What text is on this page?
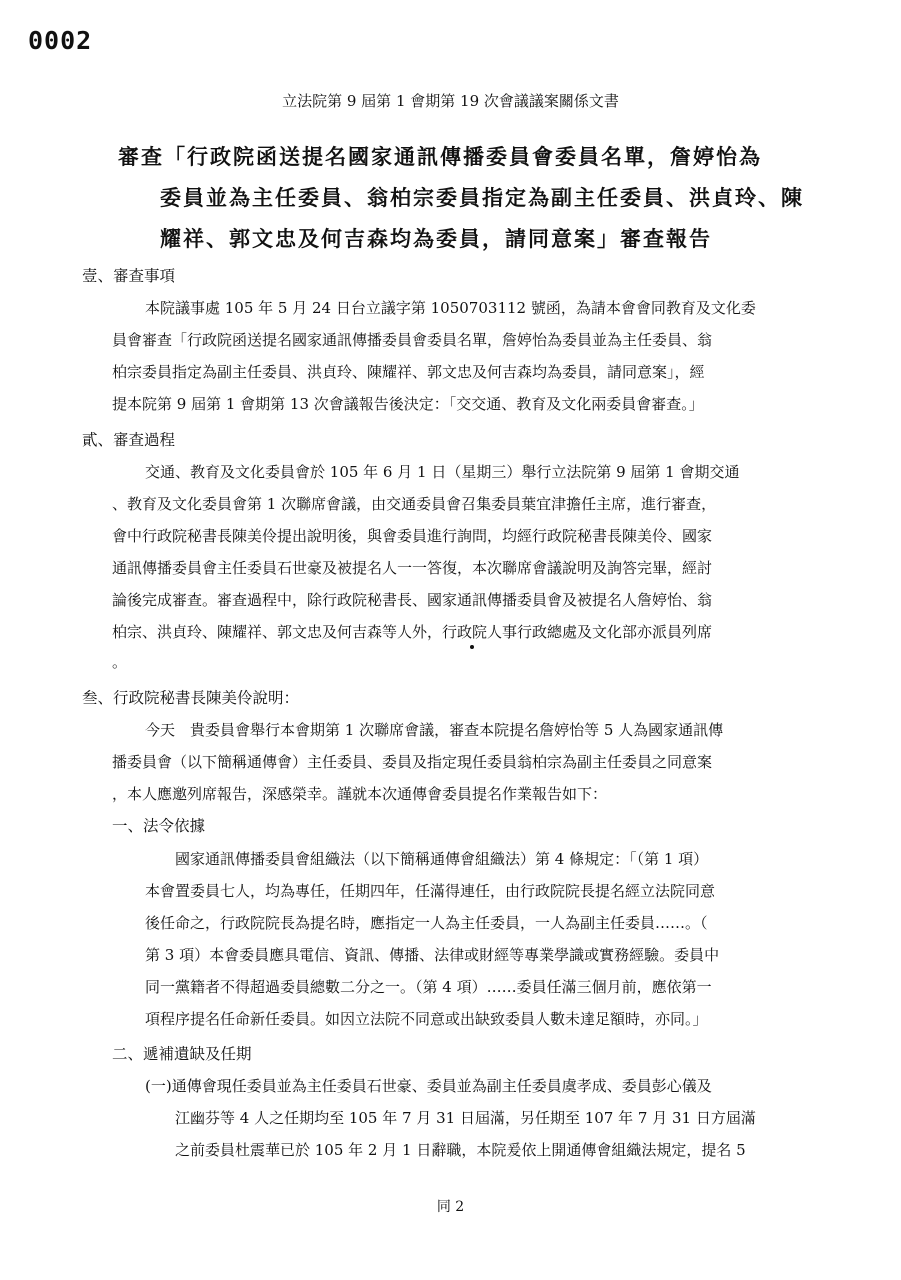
0002
立法院第 9 屆第 1 會期第 19 次會議議案關係文書
審查「行政院函送提名國家通訊傳播委員會委員名單，詹婷怡為
委員並為主任委員、翁柏宗委員指定為副主任委員、洪貞玲、陳
耀祥、郭文忠及何吉森均為委員，請同意案」審查報告
壹、審查事項
本院議事處 105 年 5 月 24 日台立議字第 1050703112 號函，為請本會會同教育及文化委
員會審查「行政院函送提名國家通訊傳播委員會委員名單，詹婷怡為委員並為主任委員、翁
柏宗委員指定為副主任委員、洪貞玲、陳耀祥、郭文忠及何吉森均為委員，請同意案」，經
提本院第 9 屆第 1 會期第 13 次會議報告後決定：「交交通、教育及文化兩委員會審查。」
貳、審查過程
交通、教育及文化委員會於 105 年 6 月 1 日（星期三）舉行立法院第 9 屆第 1 會期交通
、教育及文化委員會第 1 次聯席會議，由交通委員會召集委員葉宜津擔任主席，進行審查，
會中行政院秘書長陳美伶提出說明後，與會委員進行詢問，均經行政院秘書長陳美伶、國家
通訊傳播委員會主任委員石世豪及被提名人一一答復，本次聯席會議說明及詢答完畢，經討
論後完成審查。審查過程中，除行政院秘書長、國家通訊傳播委員會及被提名人詹婷怡、翁
柏宗、洪貞玲、陳耀祥、郭文忠及何吉森等人外，行政院人事行政總處及文化部亦派員列席
。
叁、行政院秘書長陳美伶說明：
今天　貴委員會舉行本會期第 1 次聯席會議，審查本院提名詹婷怡等 5 人為國家通訊傳
播委員會（以下簡稱通傳會）主任委員、委員及指定現任委員翁柏宗為副主任委員之同意案
，本人應邀列席報告，深感榮幸。謹就本次通傳會委員提名作業報告如下：
一、法令依據
國家通訊傳播委員會組織法（以下簡稱通傳會組織法）第 4 條規定：「（第 1 項）
本會置委員七人，均為專任，任期四年，任滿得連任，由行政院院長提名經立法院同意
後任命之，行政院院長為提名時，應指定一人為主任委員，一人為副主任委員……。（
第 3 項）本會委員應具電信、資訊、傳播、法律或財經等專業學識或實務經驗。委員中
同一黨籍者不得超過委員總數二分之一。（第 4 項）……委員任滿三個月前，應依第一
項程序提名任命新任委員。如因立法院不同意或出缺致委員人數未達足額時，亦同。」
二、遞補遺缺及任期
(一)通傳會現任委員並為主任委員石世豪、委員並為副主任委員虞孝成、委員彭心儀及
江幽芬等 4 人之任期均至 105 年 7 月 31 日屆滿，另任期至 107 年 7 月 31 日方屆滿
之前委員杜震華已於 105 年 2 月 1 日辭職，本院爰依上開通傳會組織法規定，提名 5
同 2
